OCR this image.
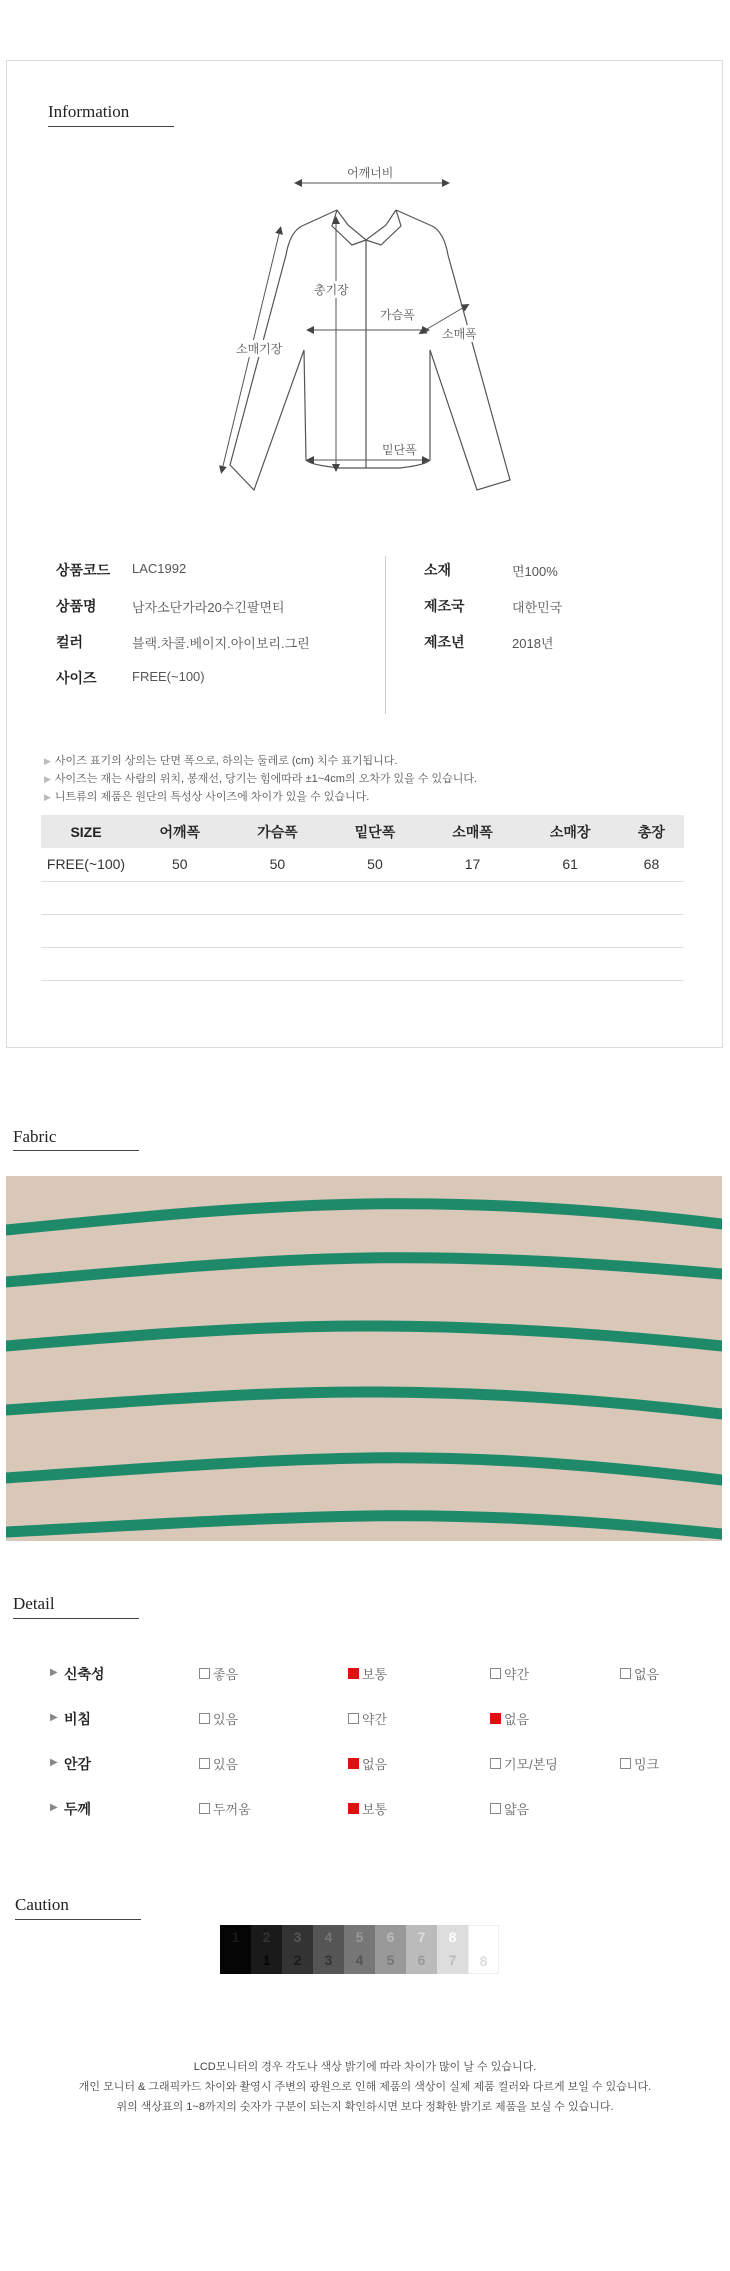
Information
어깨너비
총기장
가슴폭
소매기장
소매폭
밑단폭
상품코드 LAC1992
상품명	남자소단가라20수긴팔면티
컬러	블랙.차콜.베이지.아이보리.그린
사이즈	FREE(~100)
소재	면100%
제조국	대한민국
제조년	2018년
▶ 사이즈 표기의 상의는 단면 폭으로, 하의는 둘레로 (cm) 치수 표기됩니다.
▶ 사이즈는 재는 사람의 위치, 봉재선, 당기는 힘에따라 ±1~4cm의 오차가 있을 수 있습니다.
▶ 니트류의 제품은 원단의 특성상 사이즈에 차이가 있을 수 있습니다.
SIZE	어깨폭	가슴폭	밑단폭	소매폭	소매장	총장
FREE(~100)	50	50	50	17	61	68

Fabric
Detail
▶ 신축성	좋음	보통	약간	없음
▶ 비침	있음	약간	없음
▶ 안감	있음	없음	기모/본딩	밍크
▶ 두께	두꺼움	보통	얇음
Caution
1	2
1
3
2
4
3
5
4
6
5
7
6
8
7	8
LCD모니터의 경우 각도나 색상 밝기에 따라 차이가 많이 날 수 있습니다.
개인 모니터 & 그래픽카드 차이와 촬영시 주변의 광원으로 인해 제품의 색상이 실제 제품 컬러와 다르게 보일 수 있습니다.
위의 색상표의 1~8까지의 숫자가 구분이 되는지 확인하시면 보다 정확한 밝기로 제품을 보실 수 있습니다.
